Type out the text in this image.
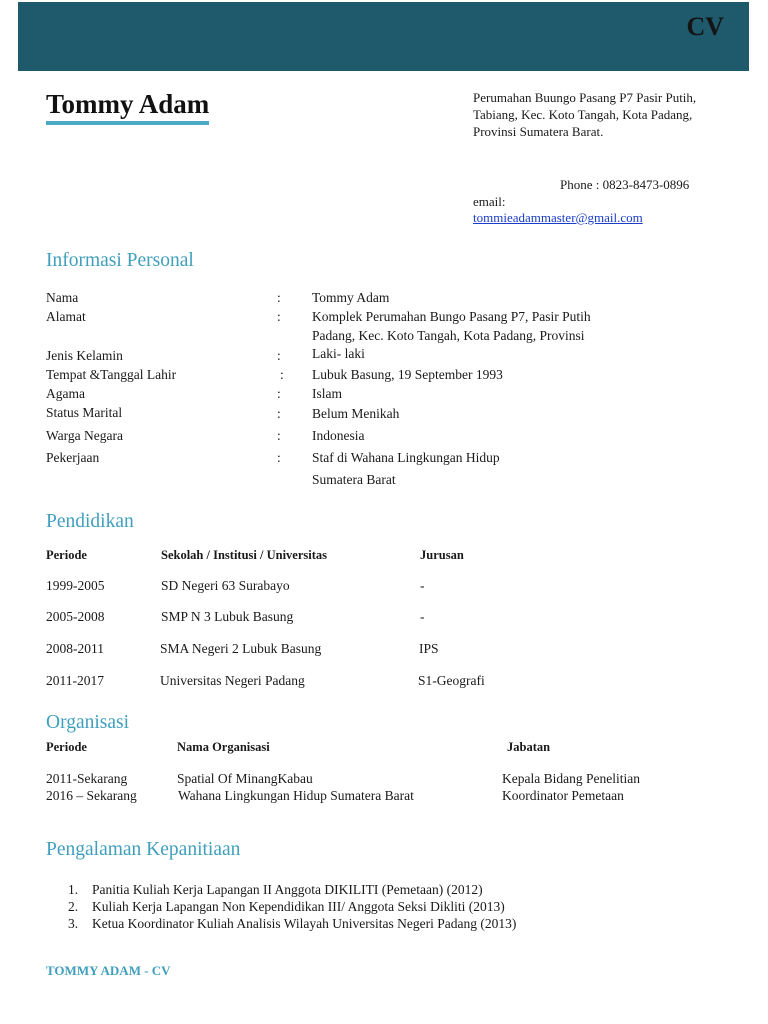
CV
Tommy Adam	Perumahan Buungo Pasang P7 Pasir Putih, Tabiang, Kec. Koto Tangah, Kota Padang, Provinsi Sumatera Barat.
Phone : 0823-8473-0896
email:
tommieadammaster@gmail.com
Informasi Personal
Nama	: Tommy Adam
Alamat	: Komplek Perumahan Bungo Pasang P7, Pasir Putih
Padang, Kec. Koto Tangah, Kota Padang, Provinsi
Jenis Kelamin	: Laki- laki
Tempat &Tanggal Lahir	: Lubuk Basung, 19 September 1993
Agama	: Islam
Status Marital	: Belum Menikah
Warga Negara	: Indonesia
Pekerjaan	: Staf di Wahana Lingkungan Hidup
Sumatera Barat
Pendidikan
Periode	Sekolah / Institusi / Universitas	Jurusan
1999-2005	SD Negeri 63 Surabayo	-
2005-2008	SMP N 3 Lubuk Basung	-
2008-2011	SMA Negeri 2 Lubuk Basung	IPS
2011-2017	Universitas Negeri Padang	S1-Geografi
Organisasi
Periode	Nama Organisasi	Jabatan
2011-Sekarang	Spatial Of MinangKabau	Kepala Bidang Penelitian
2016 – Sekarang	Wahana Lingkungan Hidup Sumatera Barat	Koordinator Pemetaan
Pengalaman Kepanitiaan
1. Panitia Kuliah Kerja Lapangan II Anggota DIKILITI (Pemetaan) (2012)
2. Kuliah Kerja Lapangan Non Kependidikan III/ Anggota Seksi Dikliti (2013)
3. Ketua Koordinator Kuliah Analisis Wilayah Universitas Negeri Padang (2013)
TOMMY ADAM - CV
